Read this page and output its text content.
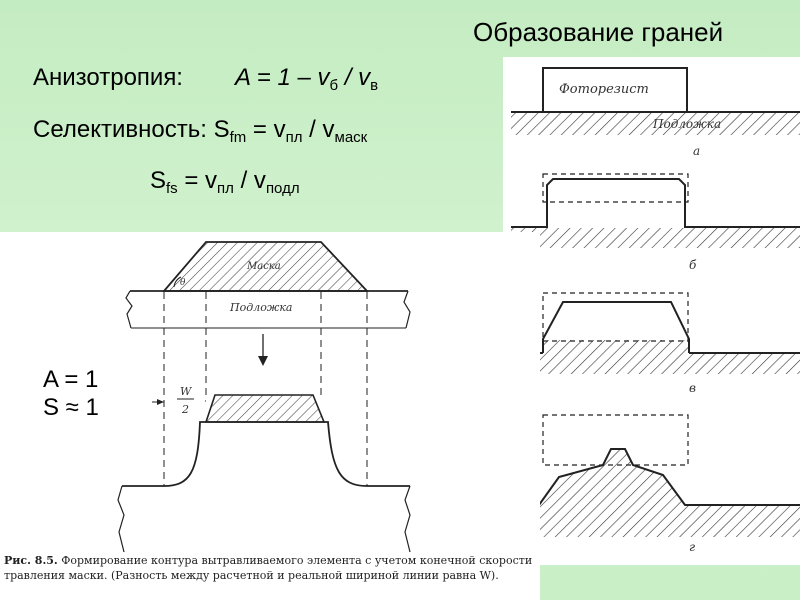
Образование граней
Анизотропия: $A = 1 - v_б / v_в$
Селективность: $S_{fm} = v_{пл} / v_{маск}$
$S_{fs} = v_{пл} / v_{подл}$
Фоторезист
Подложка
а
б
в
г
Маска
θ
Подложка
W
2
A = 1
S ≈ 1
Рис. 8.5. Формирование контура вытравливаемого элемента с учетом конечной скорости травления маски. (Разность между расчетной и реальной шириной линии равна W).
